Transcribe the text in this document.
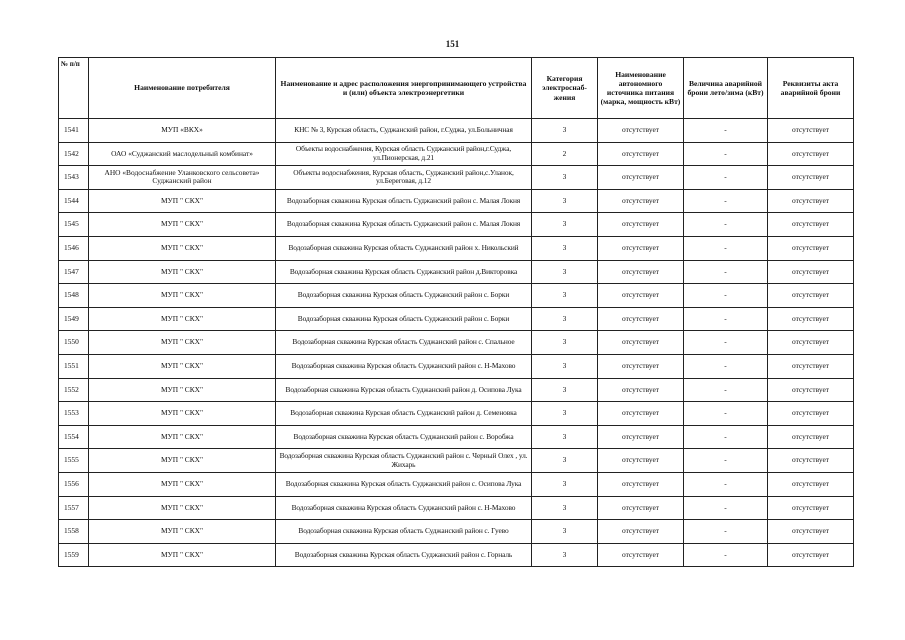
151
№ п/п	Наименование потребителя	Наименование и адрес расположения энергопринимающего устройства и (или) объекта электроэнергетики	Категория электроснаб-жения	Наименование автономного источника питания (марка, мощность кВт)	Величина аварийной брони лето/зима (кВт)	Реквизиты акта аварийной брони
1541	МУП «ВКХ»	КНС № 3, Курская область, Суджанский район, г.Суджа, ул.Больничная	3	отсутствует	-	отсутствует
1542	ОАО «Суджанский маслодельный комбинат»	Объекты водоснабжения, Курская область Суджанский район,г.Суджа, ул.Пионерская, д.21	2	отсутствует	-	отсутствует
1543	АНО «Водоснабжение Уланковского сельсовета» Суджанский район	Объекты водоснабжения, Курская область, Суджанский район,с.Уланок, ул.Береговая, д.12	3	отсутствует	-	отсутствует
1544	МУП " СКХ"	Водозаборная скважина Курская область Суджанский район с. Малая Локня	3	отсутствует	-	отсутствует
1545	МУП " СКХ"	Водозаборная скважина Курская область Суджанский район с. Малая Локня	3	отсутствует	-	отсутствует
1546	МУП " СКХ"	Водозаборная скважина Курская область Суджанский район х. Никольский	3	отсутствует	-	отсутствует
1547	МУП " СКХ"	Водозаборная скважина Курская область Суджанский район д.Викторовка	3	отсутствует	-	отсутствует
1548	МУП " СКХ"	Водозаборная скважина Курская область Суджанский район с. Борки	3	отсутствует	-	отсутствует
1549	МУП " СКХ"	Водозаборная скважина Курская область Суджанский район с. Борки	3	отсутствует	-	отсутствует
1550	МУП " СКХ"	Водозаборная скважина Курская область Суджанский район с. Спальное	3	отсутствует	-	отсутствует
1551	МУП " СКХ"	Водозаборная скважина Курская область Суджанский район с. Н-Махово	3	отсутствует	-	отсутствует
1552	МУП " СКХ"	Водозаборная скважина Курская область Суджанский район д. Осипова Лука	3	отсутствует	-	отсутствует
1553	МУП " СКХ"	Водозаборная скважина Курская область Суджанский район д. Семеновка	3	отсутствует	-	отсутствует
1554	МУП " СКХ"	Водозаборная скважина Курская область Суджанский район с. Воробжа	3	отсутствует	-	отсутствует
1555	МУП " СКХ"	Водозаборная скважина Курская область Суджанский район с. Черный Олех , ул. Жихарь	3	отсутствует	-	отсутствует
1556	МУП " СКХ"	Водозаборная скважина Курская область Суджанский район с. Осипова Лука	3	отсутствует	-	отсутствует
1557	МУП " СКХ"	Водозаборная скважина Курская область Суджанский район с. Н-Махово	3	отсутствует	-	отсутствует
1558	МУП " СКХ"	Водозаборная скважина Курская область Суджанский район с. Гуево	3	отсутствует	-	отсутствует
1559	МУП " СКХ"	Водозаборная скважина Курская область Суджанский район с. Горналь	3	отсутствует	-	отсутствует
